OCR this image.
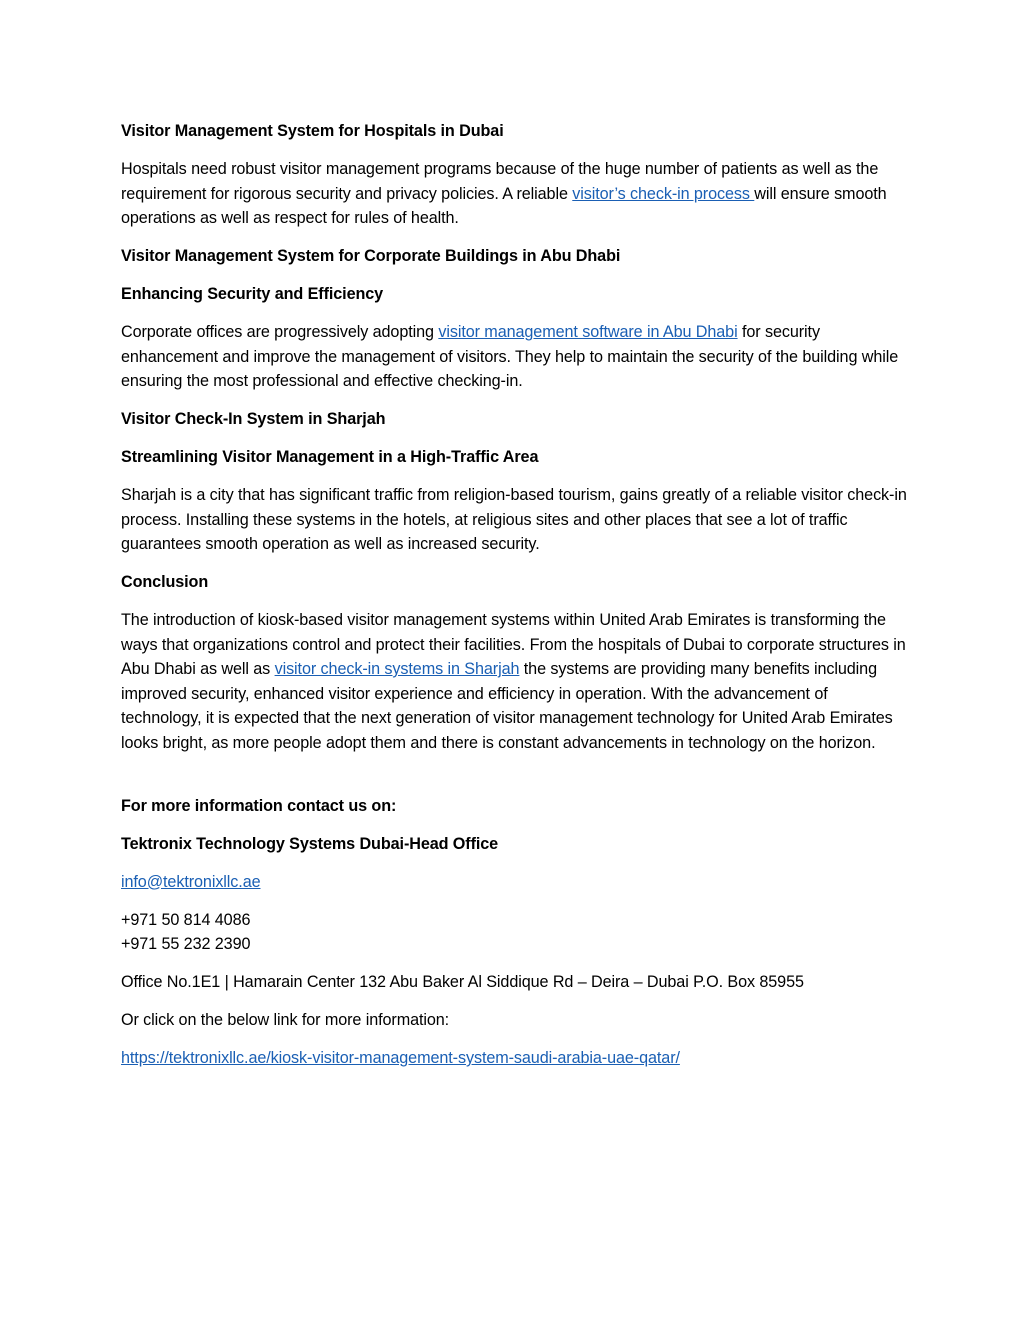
Visitor Management System for Hospitals in Dubai

Hospitals need robust visitor management programs because of the huge number of patients as well as the requirement for rigorous security and privacy policies. A reliable visitor’s check-in process will ensure smooth operations as well as respect for rules of health.

Visitor Management System for Corporate Buildings in Abu Dhabi
Enhancing Security and Efficiency

Corporate offices are progressively adopting visitor management software in Abu Dhabi for security enhancement and improve the management of visitors. They help to maintain the security of the building while ensuring the most professional and effective checking-in.

Visitor Check-In System in Sharjah
Streamlining Visitor Management in a High-Traffic Area

Sharjah is a city that has significant traffic from religion-based tourism, gains greatly of a reliable visitor check-in process. Installing these systems in the hotels, at religious sites and other places that see a lot of traffic guarantees smooth operation as well as increased security.

Conclusion

The introduction of kiosk-based visitor management systems within United Arab Emirates is transforming the ways that organizations control and protect their facilities. From the hospitals of Dubai to corporate structures in Abu Dhabi as well as visitor check-in systems in Sharjah the systems are providing many benefits including improved security, enhanced visitor experience and efficiency in operation. With the advancement of technology, it is expected that the next generation of visitor management technology for United Arab Emirates looks bright, as more people adopt them and there is constant advancements in technology on the horizon.

For more information contact us on:
Tektronix Technology Systems Dubai-Head Office

info@tektronixllc.ae

+971 50 814 4086
+971 55 232 2390

Office No.1E1 | Hamarain Center 132 Abu Baker Al Siddique Rd – Deira – Dubai P.O. Box 85955

Or click on the below link for more information:

https://tektronixllc.ae/kiosk-visitor-management-system-saudi-arabia-uae-qatar/
